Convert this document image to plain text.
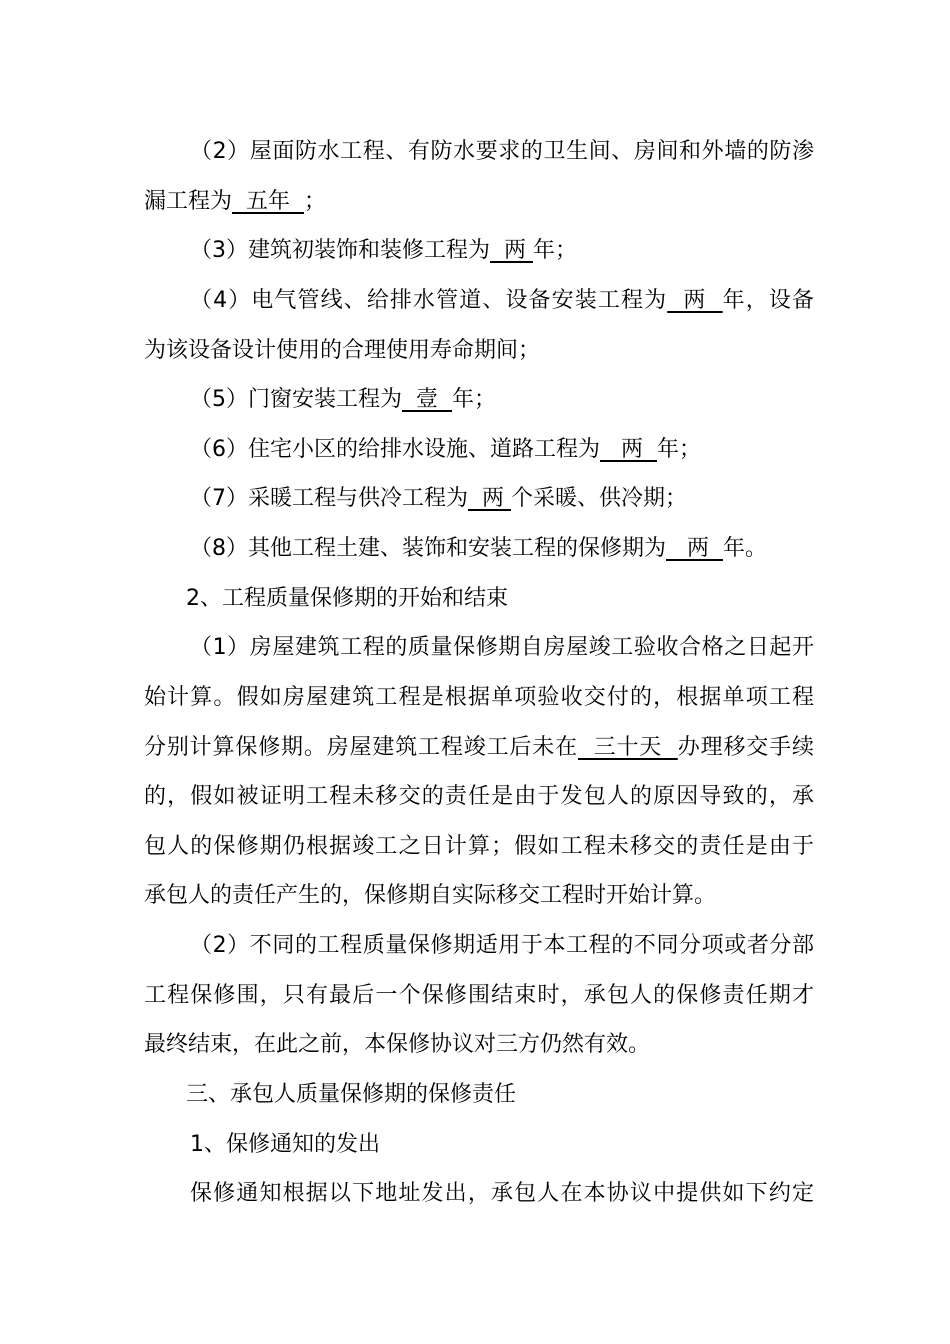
（2）屋面防水工程、有防水要求的卫生间、房间和外墙的防渗
漏工程为  五年  ；
（3）建筑初装饰和装修工程为  两 年；
（4）电气管线、给排水管道、设备安装工程为  两  年，设备
为该设备设计使用的合理使用寿命期间；
（5）门窗安装工程为  壹  年；
（6）住宅小区的给排水设施、道路工程为   两  年；
（7）采暖工程与供冷工程为  两 个采暖、供冷期；
（8）其他工程土建、装饰和安装工程的保修期为   两  年。
2、工程质量保修期的开始和结束
（1）房屋建筑工程的质量保修期自房屋竣工验收合格之日起开
始计算。假如房屋建筑工程是根据单项验收交付的，根据单项工程
分别计算保修期。房屋建筑工程竣工后未在  三十天  办理移交手续
的，假如被证明工程未移交的责任是由于发包人的原因导致的，承
包人的保修期仍根据竣工之日计算；假如工程未移交的责任是由于
承包人的责任产生的，保修期自实际移交工程时开始计算。
（2）不同的工程质量保修期适用于本工程的不同分项或者分部
工程保修围，只有最后一个保修围结束时，承包人的保修责任期才
最终结束，在此之前，本保修协议对三方仍然有效。
三、承包人质量保修期的保修责任
1、保修通知的发出
保修通知根据以下地址发出，承包人在本协议中提供如下约定
